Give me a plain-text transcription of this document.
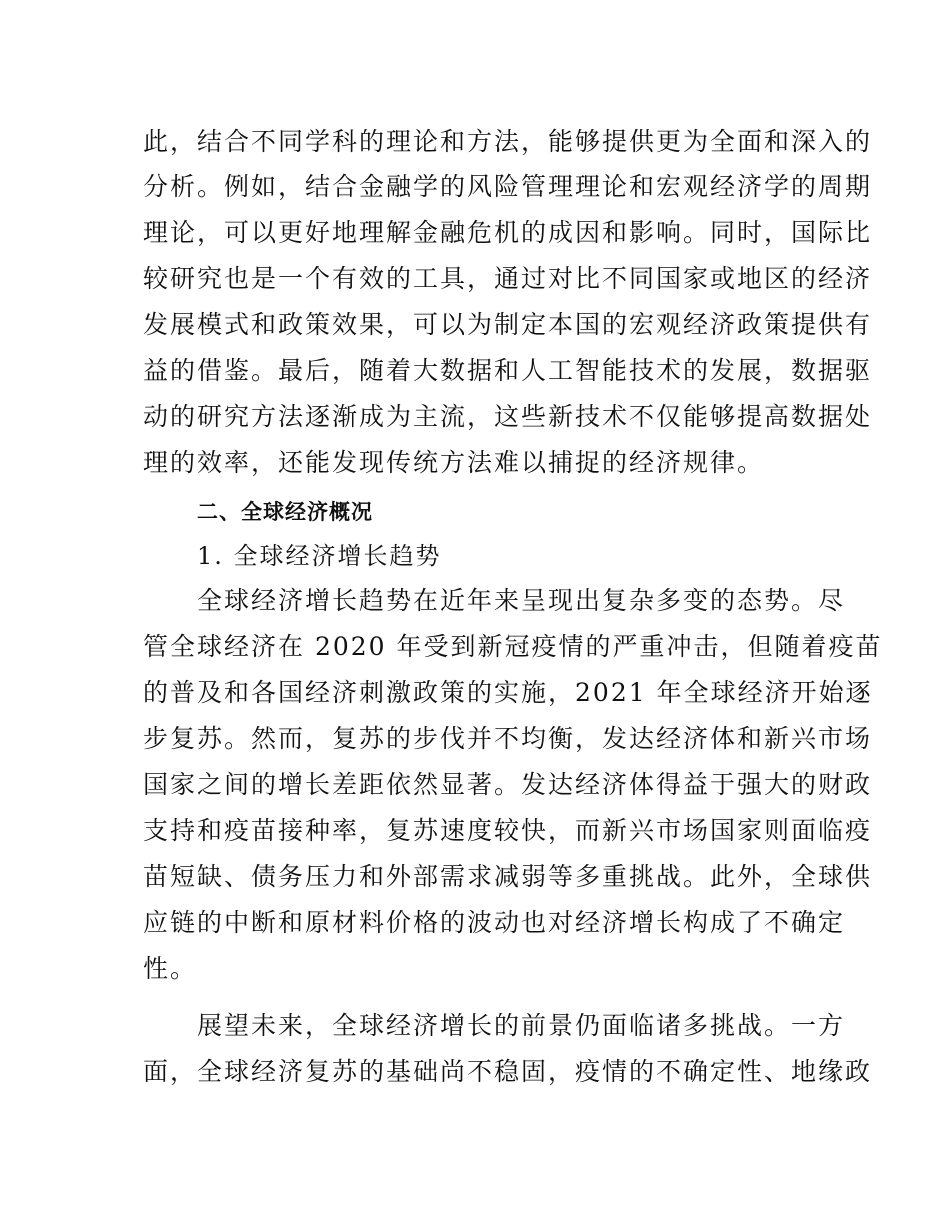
此，结合不同学科的理论和方法，能够提供更为全面和深入的
分析。例如，结合金融学的风险管理理论和宏观经济学的周期
理论，可以更好地理解金融危机的成因和影响。同时，国际比
较研究也是一个有效的工具，通过对比不同国家或地区的经济
发展模式和政策效果，可以为制定本国的宏观经济政策提供有
益的借鉴。最后，随着大数据和人工智能技术的发展，数据驱
动的研究方法逐渐成为主流，这些新技术不仅能够提高数据处
理的效率，还能发现传统方法难以捕捉的经济规律。
二、全球经济概况
1. 全球经济增长趋势
全球经济增长趋势在近年来呈现出复杂多变的态势。尽
管全球经济在 2020 年受到新冠疫情的严重冲击，但随着疫苗
的普及和各国经济刺激政策的实施，2021 年全球经济开始逐
步复苏。然而，复苏的步伐并不均衡，发达经济体和新兴市场
国家之间的增长差距依然显著。发达经济体得益于强大的财政
支持和疫苗接种率，复苏速度较快，而新兴市场国家则面临疫
苗短缺、债务压力和外部需求减弱等多重挑战。此外，全球供
应链的中断和原材料价格的波动也对经济增长构成了不确定
性。
展望未来，全球经济增长的前景仍面临诸多挑战。一方
面，全球经济复苏的基础尚不稳固，疫情的不确定性、地缘政
